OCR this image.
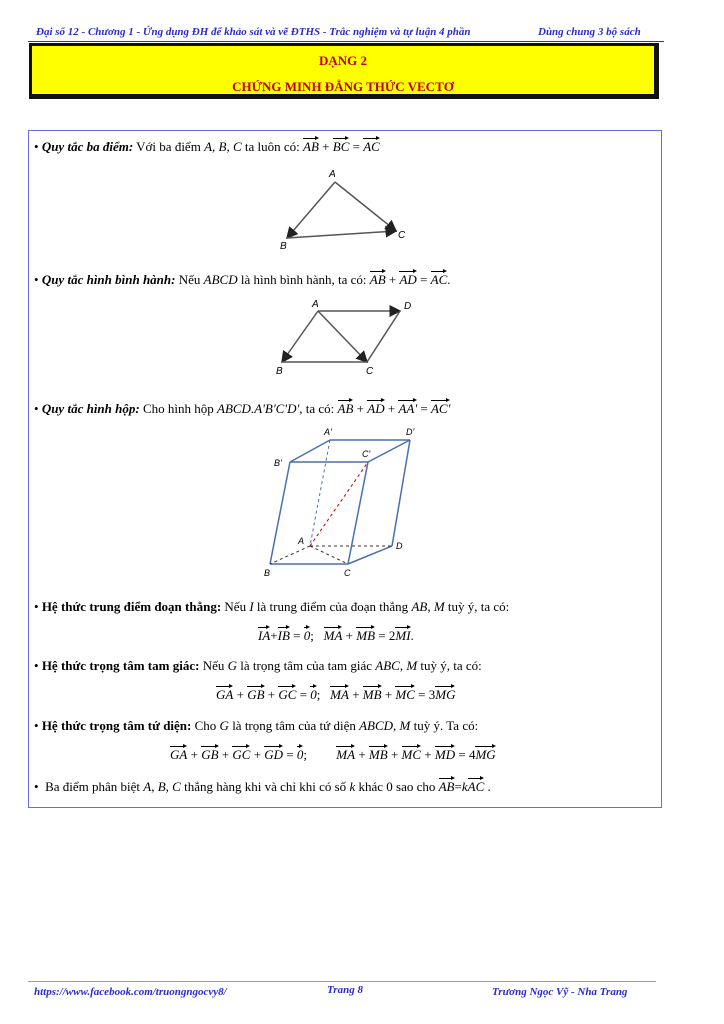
Đại số 12 - Chương 1 - Ứng dụng ĐH để khảo sát và vẽ ĐTHS - Trắc nghiệm và tự luận 4 phần	Dùng chung 3 bộ sách
DẠNG 2
CHỨNG MINH ĐẲNG THỨC VECTƠ
• Quy tắc ba điểm: Với ba điểm A, B, C ta luôn có: AB + BC = AC
A
B
C
• Quy tắc hình bình hành: Nếu ABCD là hình bình hành, ta có: AB + AD = AC.
A	D
B	C
• Quy tắc hình hộp: Cho hình hộp ABCD.A'B'C'D', ta có: AB + AD + AA' = AC'
A'	D'
B'
C'
A	D
B	C
• Hệ thức trung điểm đoạn thẳng: Nếu I là trung điểm của đoạn thẳng AB, M tuỳ ý, ta có:
IA+IB = 0; MA + MB = 2MI.
• Hệ thức trọng tâm tam giác: Nếu G là trọng tâm của tam giác ABC, M tuỳ ý, ta có:
GA + GB + GC = 0; MA + MB + MC = 3MG
• Hệ thức trọng tâm tứ diện: Cho G là trọng tâm của tứ diện ABCD, M tuỳ ý. Ta có:
GA + GB + GC + GD = 0; MA + MB + MC + MD = 4MG
• Ba điểm phân biệt A, B, C thẳng hàng khi và chỉ khi có số k khác 0 sao cho AB=kAC .
https://www.facebook.com/truongngocvy8/	Trang 8	Trương Ngọc Vỹ - Nha Trang
